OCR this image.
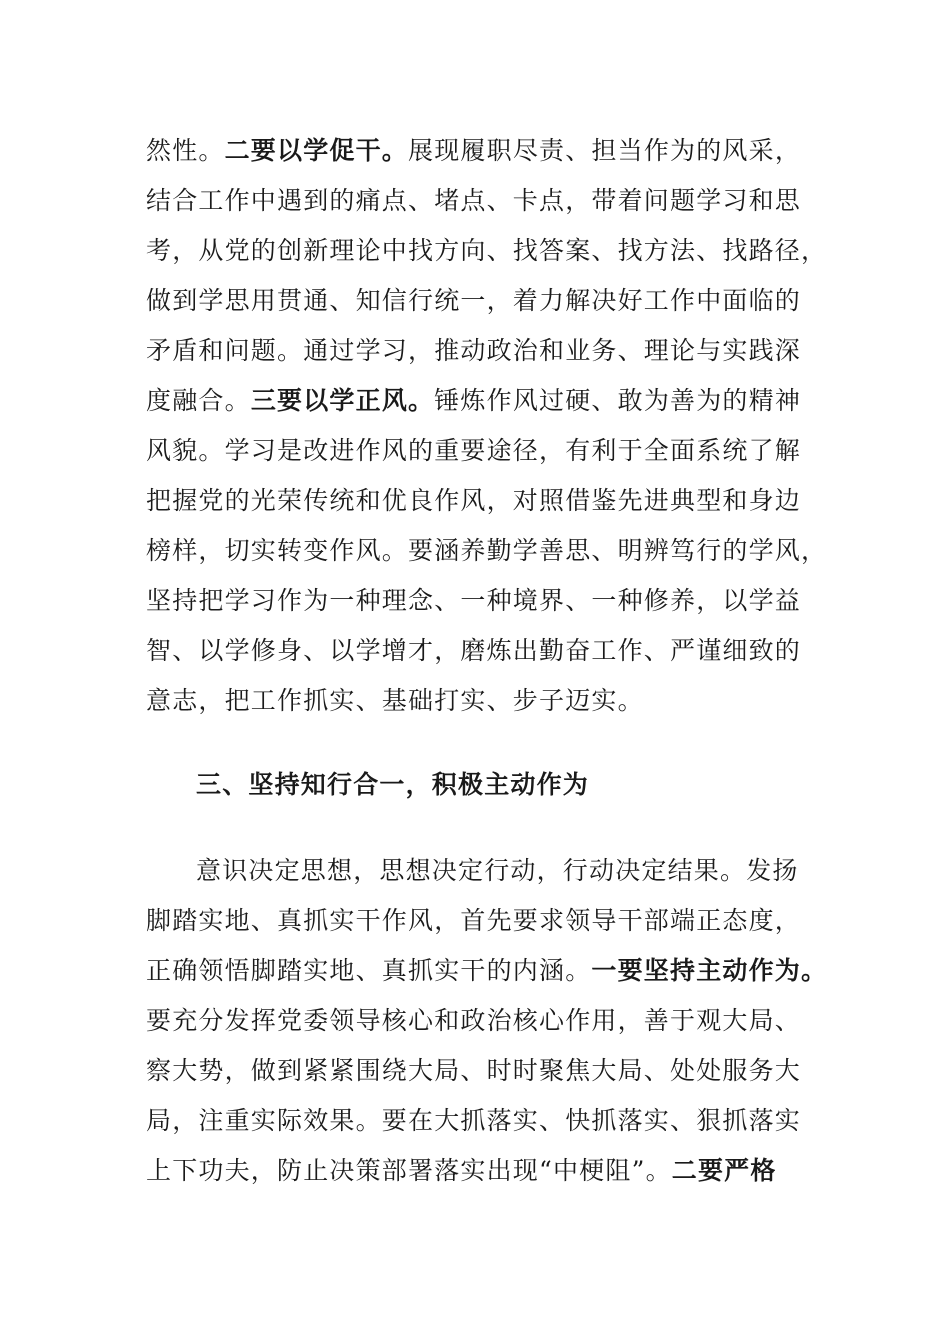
然性。二要以学促干。展现履职尽责、担当作为的风采，
结合工作中遇到的痛点、堵点、卡点，带着问题学习和思
考，从党的创新理论中找方向、找答案、找方法、找路径，
做到学思用贯通、知信行统一，着力解决好工作中面临的
矛盾和问题。通过学习，推动政治和业务、理论与实践深
度融合。三要以学正风。锤炼作风过硬、敢为善为的精神
风貌。学习是改进作风的重要途径，有利于全面系统了解
把握党的光荣传统和优良作风，对照借鉴先进典型和身边
榜样，切实转变作风。要涵养勤学善思、明辨笃行的学风，
坚持把学习作为一种理念、一种境界、一种修养，以学益
智、以学修身、以学增才，磨炼出勤奋工作、严谨细致的
意志，把工作抓实、基础打实、步子迈实。
三、坚持知行合一，积极主动作为
意识决定思想，思想决定行动，行动决定结果。发扬
脚踏实地、真抓实干作风，首先要求领导干部端正态度，
正确领悟脚踏实地、真抓实干的内涵。一要坚持主动作为。
要充分发挥党委领导核心和政治核心作用，善于观大局、
察大势，做到紧紧围绕大局、时时聚焦大局、处处服务大
局，注重实际效果。要在大抓落实、快抓落实、狠抓落实
上下功夫，防止决策部署落实出现“中梗阻”。二要严格
